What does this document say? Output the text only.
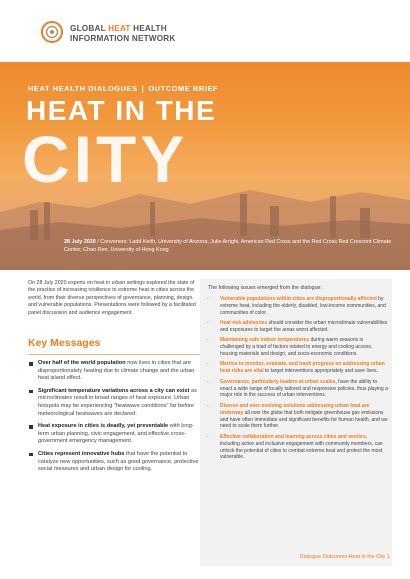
GLOBAL HEAT HEALTH
INFORMATION NETWORK
HEAT HEALTH DIALOGUES | OUTCOME BRIEF
HEAT IN THE
CITY
28 July 2020 / Conveners: Ladd Keith, University of Arizona; Julie Arrighi, American Red Cross and the Red Cross Red Crescent Climate Centre; Chao Ren, University of Hong Kong

On 28 July 2020 experts on heat in urban settings explored the state of the practice of increasing resilience to extreme heat in cities across the world, from their diverse perspectives of governance, planning, design, and vulnerable populations. Presentations were followed by a facilitated panel discussion and audience engagement.

Key Messages
Over half of the world population now lives in cities that are disproportionately heating due to climate change and the urban heat island effect.
Significant temperature variations across a city can exist as microclimates result in broad ranges of heat exposure. Urban hotspots may be experiencing "heatwave conditions" far before meteorological heatwaves are declared.
Heat exposure in cities is deadly, yet preventable with long-term urban planning, civic engagement, and effective cross-government emergency management.
Cities represent innovative hubs that have the potential to catalyze new opportunities, such as good governance, protective social measures and urban design for cooling.

The following issues emerged from the dialogue:

- Vulnerable populations within cities are disproportionally affected by extreme heat, including the elderly, disabled, low-income communities, and communities of color.
- Heat risk advisories should consider the urban microclimate vulnerabilities and exposures to target the areas worst affected.
- Maintaining safe indoor temperatures during warm seasons is challenged by a triad of factors related to energy and cooling access, housing materials and design, and socio-economic conditions.
- Metrics to monitor, evaluate, and track progress on addressing urban heat risks are vital to target interventions appropriately and save lives.
- Governance, particularly leaders at urban scales, have the ability to enact a wide range of locally tailored and responsive policies, thus playing a major role in the success of urban interventions.
- Diverse and ever-evolving solutions addressing urban heat are underway all over the globe that both mitigate greenhouse gas emissions and have often immediate and significant benefits for human health, and we need to scale them further.
- Effective collaboration and learning across cities and sectors, including active and inclusive engagement with community members, can unlock the potential of cities to combat extreme heat and protect the most vulnerable.
Dialogue Outcomes Heat in the City 1
